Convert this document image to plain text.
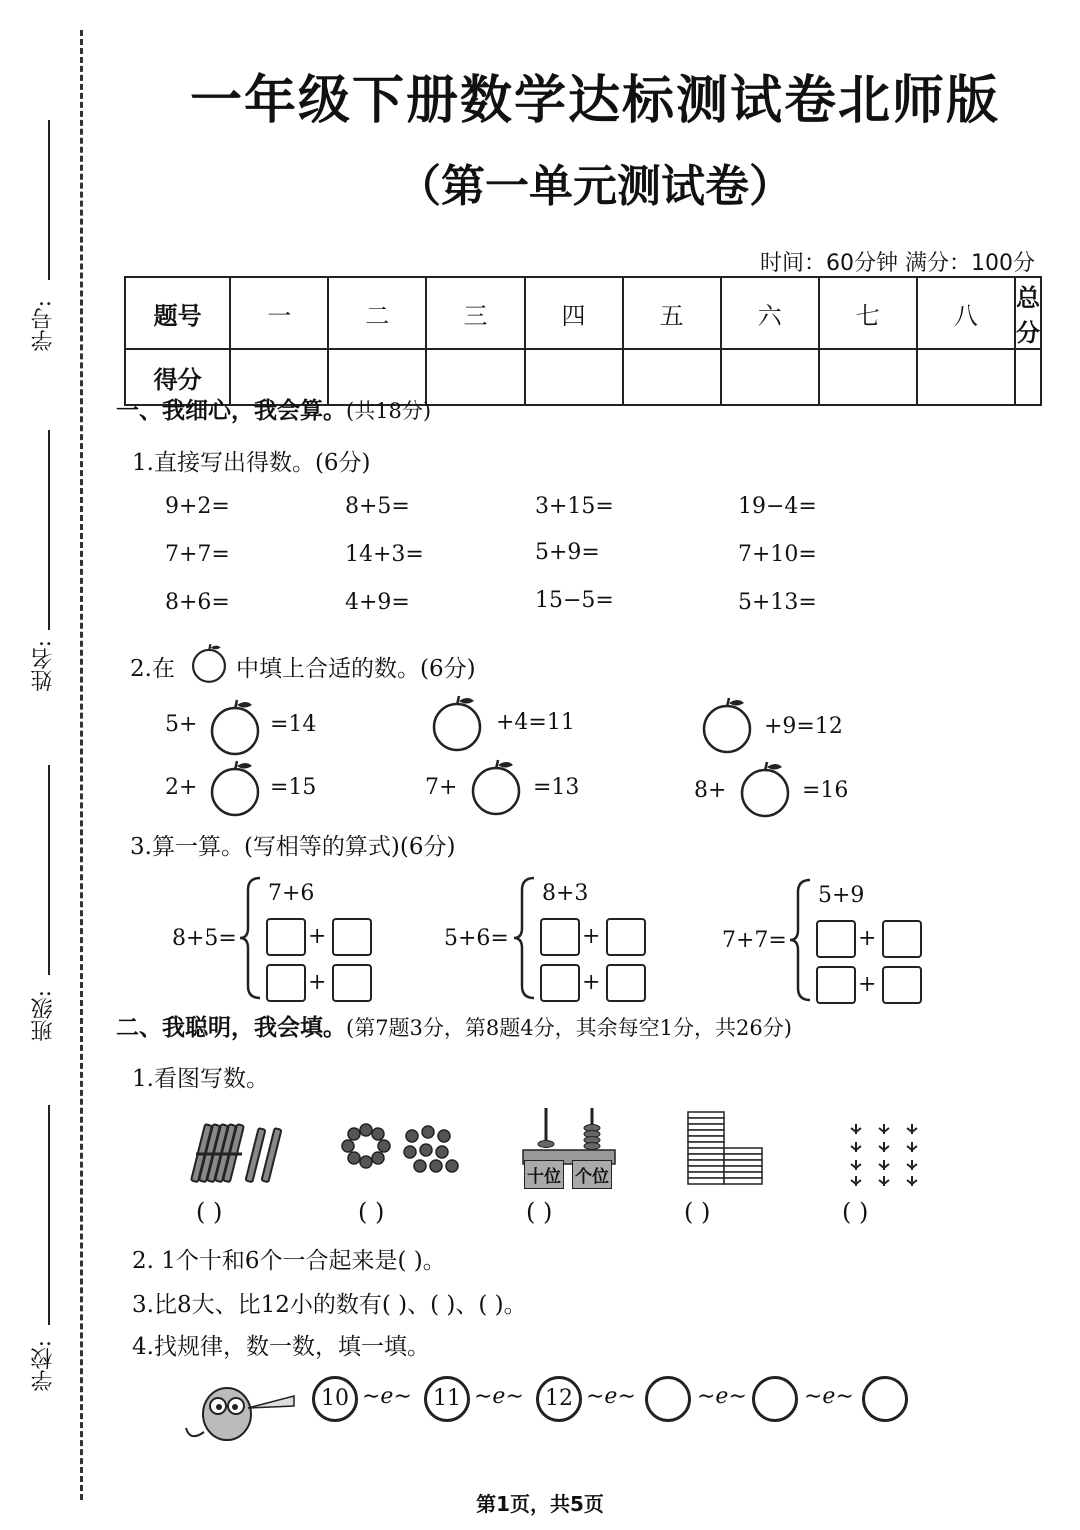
学号:
姓名:
班级:
学校:
一年级下册数学达标测试卷北师版
（第一单元测试卷）
时间：60分钟 满分：100分
题号	一	二	三	四	五	六	七	八	总分
得分									
一、我细心，我会算。(共18分)
1.直接写出得数。(6分)
9+2=	8+5=	3+15=	19−4=
7+7=	14+3=	5+9=	7+10=
8+6=	4+9=	15−5=	5+13=
2.在	中填上合适的数。(6分)
5+	=14	+4=11	+9=12
2+	=15	7+	=13	8+	=16
3.算一算。(写相等的算式)(6分)
8+5=
7+6
+
+
5+6=
8+3
+
+
7+7=
5+9
+
+
二、我聪明，我会填。(第7题3分，第8题4分，其余每空1分，共26分)
1.看图写数。
( )	( )
十位 个位
( )	( )	( )
2. 1个十和6个一合起来是( )。
3.比8大、比12小的数有( )、( )、( )。
4.找规律，数一数，填一填。
10 ∼ℯ∼ 11 ∼ℯ∼ 12 ∼ℯ∼	∼ℯ∼	∼ℯ∼
第1页，共5页
